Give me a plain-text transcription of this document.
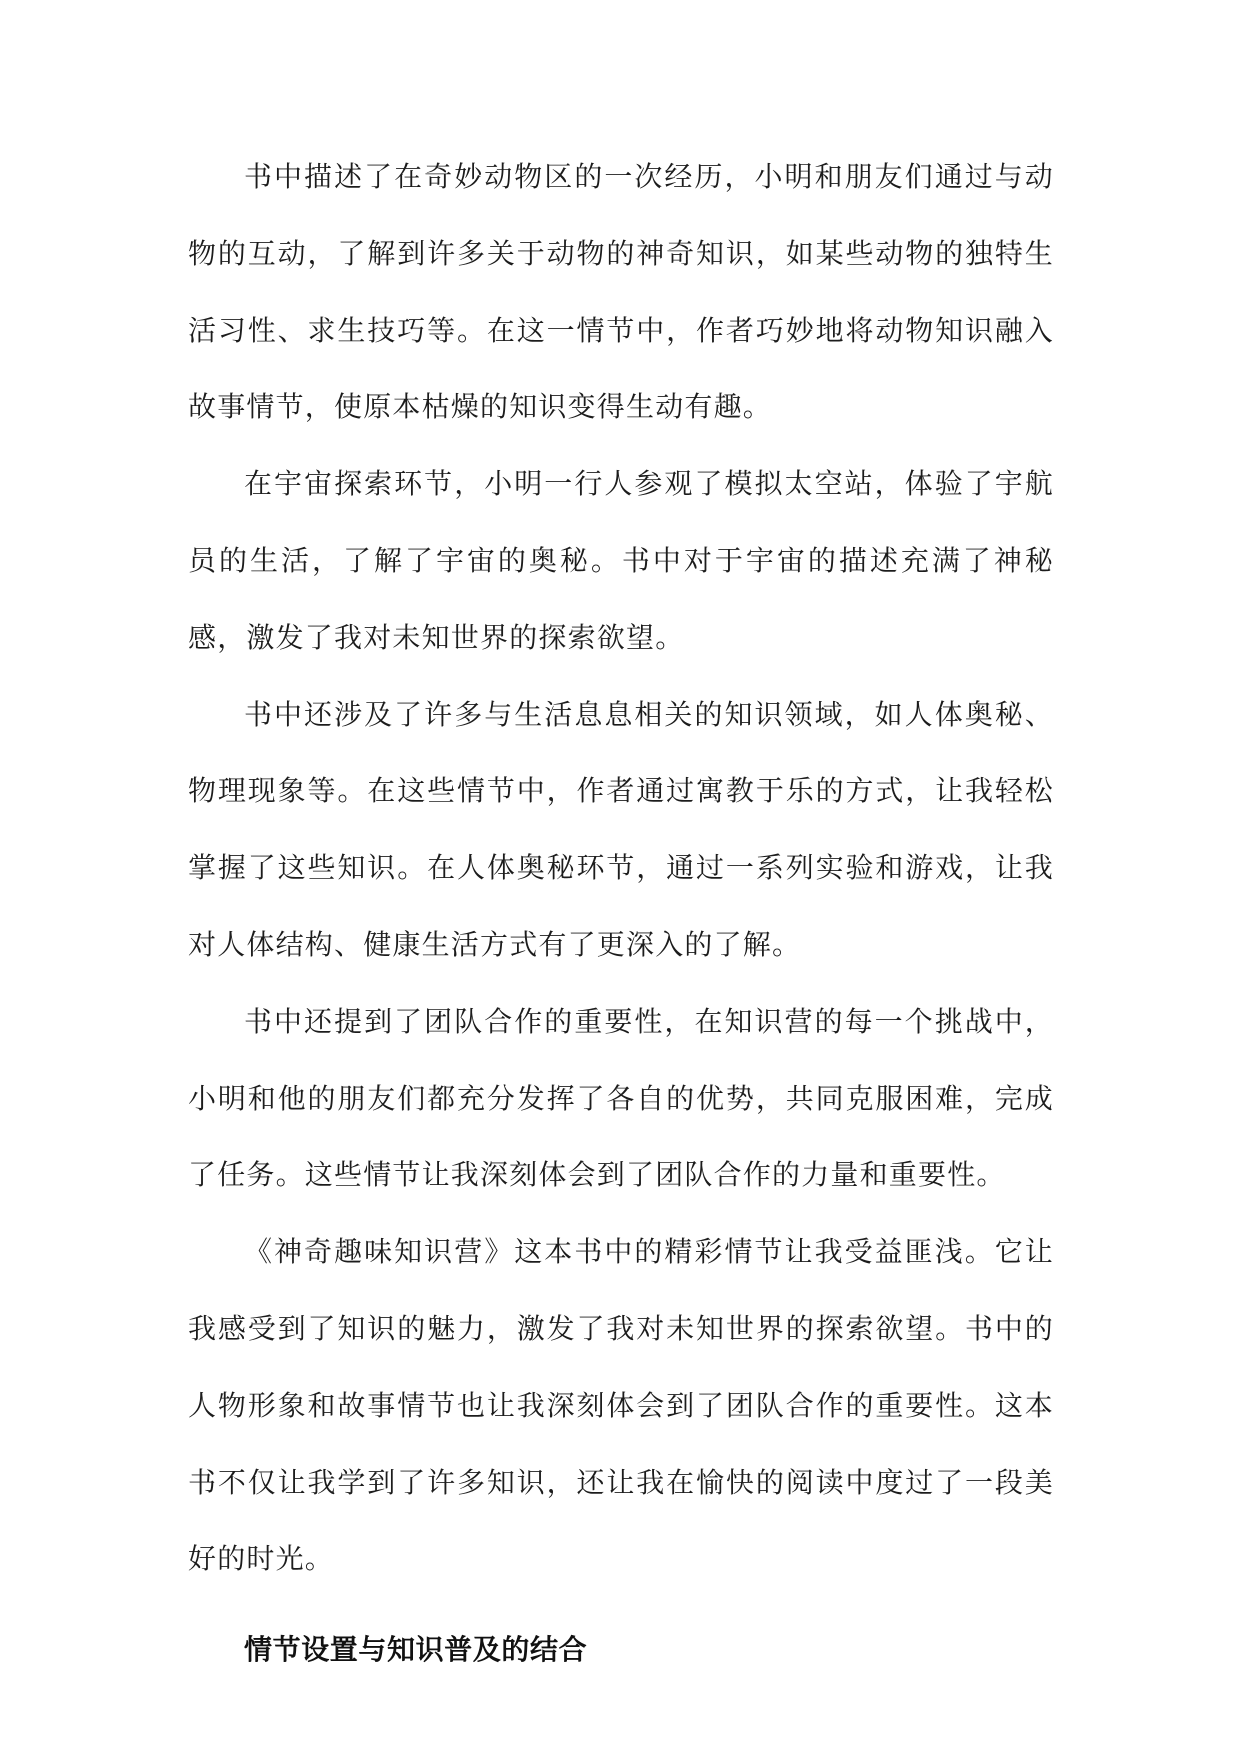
书中描述了在奇妙动物区的一次经历，小明和朋友们通过与动物的互动，了解到许多关于动物的神奇知识，如某些动物的独特生活习性、求生技巧等。在这一情节中，作者巧妙地将动物知识融入故事情节，使原本枯燥的知识变得生动有趣。

在宇宙探索环节，小明一行人参观了模拟太空站，体验了宇航员的生活，了解了宇宙的奥秘。书中对于宇宙的描述充满了神秘感，激发了我对未知世界的探索欲望。

书中还涉及了许多与生活息息相关的知识领域，如人体奥秘、物理现象等。在这些情节中，作者通过寓教于乐的方式，让我轻松掌握了这些知识。在人体奥秘环节，通过一系列实验和游戏，让我对人体结构、健康生活方式有了更深入的了解。

书中还提到了团队合作的重要性，在知识营的每一个挑战中，小明和他的朋友们都充分发挥了各自的优势，共同克服困难，完成了任务。这些情节让我深刻体会到了团队合作的力量和重要性。

《神奇趣味知识营》这本书中的精彩情节让我受益匪浅。它让我感受到了知识的魅力，激发了我对未知世界的探索欲望。书中的人物形象和故事情节也让我深刻体会到了团队合作的重要性。这本书不仅让我学到了许多知识，还让我在愉快的阅读中度过了一段美好的时光。

情节设置与知识普及的结合
